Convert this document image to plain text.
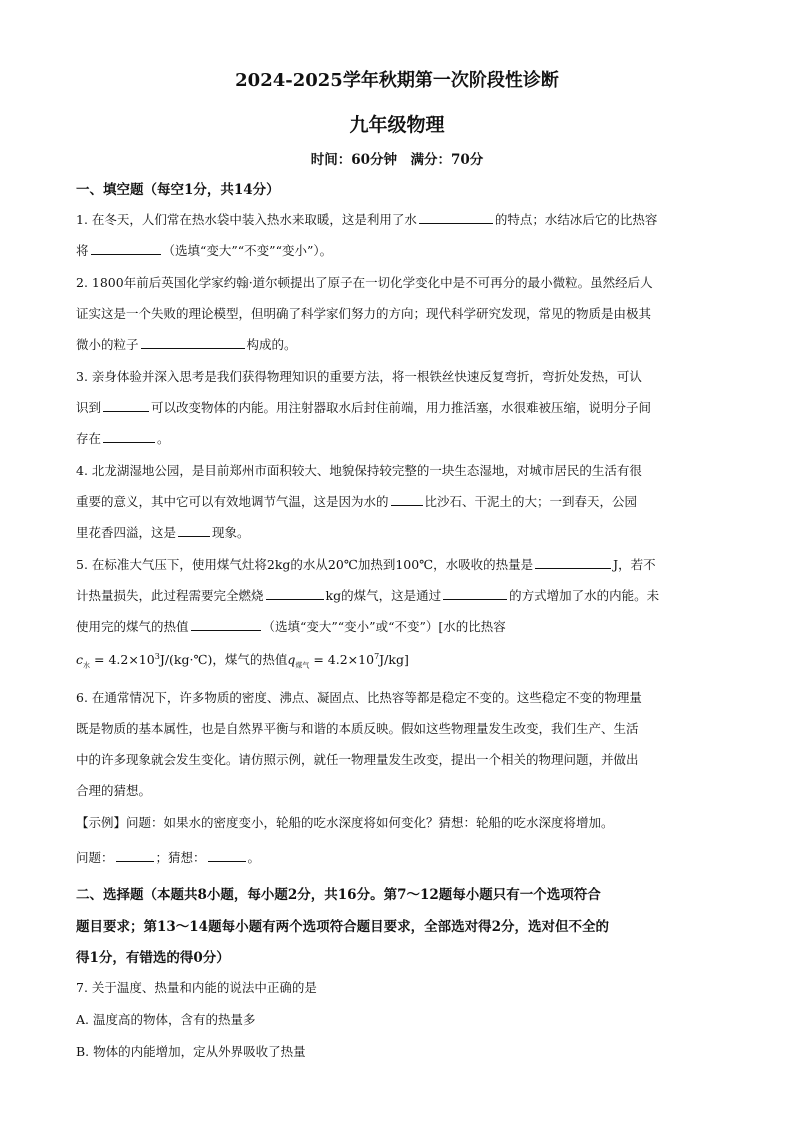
2024-2025学年秋期第一次阶段性诊断
九年级物理
时间：60分钟　满分：70分
一、填空题（每空1分，共14分）
1. 在冬天，人们常在热水袋中装入热水来取暖，这是利用了水	的特点；水结冰后它的比热容
将	（选填“变大”“不变”“变小”）。
2. 1800年前后英国化学家约翰·道尔顿提出了原子在一切化学变化中是不可再分的最小微粒。虽然经后人
证实这是一个失败的理论模型，但明确了科学家们努力的方向；现代科学研究发现，常见的物质是由极其
微小的粒子	构成的。
3. 亲身体验并深入思考是我们获得物理知识的重要方法，将一根铁丝快速反复弯折，弯折处发热，可认
识到	可以改变物体的内能。用注射器取水后封住前端，用力推活塞，水很难被压缩，说明分子间
存在	。
4. 北龙湖湿地公园，是目前郑州市面积较大、地貌保持较完整的一块生态湿地，对城市居民的生活有很
重要的意义，其中它可以有效地调节气温，这是因为水的	比沙石、干泥土的大；一到春天，公园
里花香四溢，这是	现象。
5. 在标准大气压下，使用煤气灶将2kg的水从20℃加热到100℃，水吸收的热量是	J，若不
计热量损失，此过程需要完全燃烧	kg的煤气，这是通过	的方式增加了水的内能。未
使用完的煤气的热值	（选填“变大”“变小”或“不变”）[水的比热容
$c_水$ = $4.2\times 10^3J/(kg\cdot℃)$，煤气的热值$q_{煤气} = 4.2\times 10^7J/kg$]
6. 在通常情况下，许多物质的密度、沸点、凝固点、比热容等都是稳定不变的。这些稳定不变的物理量
既是物质的基本属性，也是自然界平衡与和谐的本质反映。假如这些物理量发生改变，我们生产、生活
中的许多现象就会发生变化。请仿照示例，就任一物理量发生改变，提出一个相关的物理问题，并做出
合理的猜想。
【示例】问题：如果水的密度变小，轮船的吃水深度将如何变化？猜想：轮船的吃水深度将增加。
问题：	；猜想：	。
二、选择题（本题共8小题，每小题2分，共16分。第7～12题每小题只有一个选项符合
题目要求；第13～14题每小题有两个选项符合题目要求，全部选对得2分，选对但不全的
得1分，有错选的得0分）
7. 关于温度、热量和内能的说法中正确的是
A. 温度高的物体，含有的热量多
B. 物体的内能增加，定从外界吸收了热量
